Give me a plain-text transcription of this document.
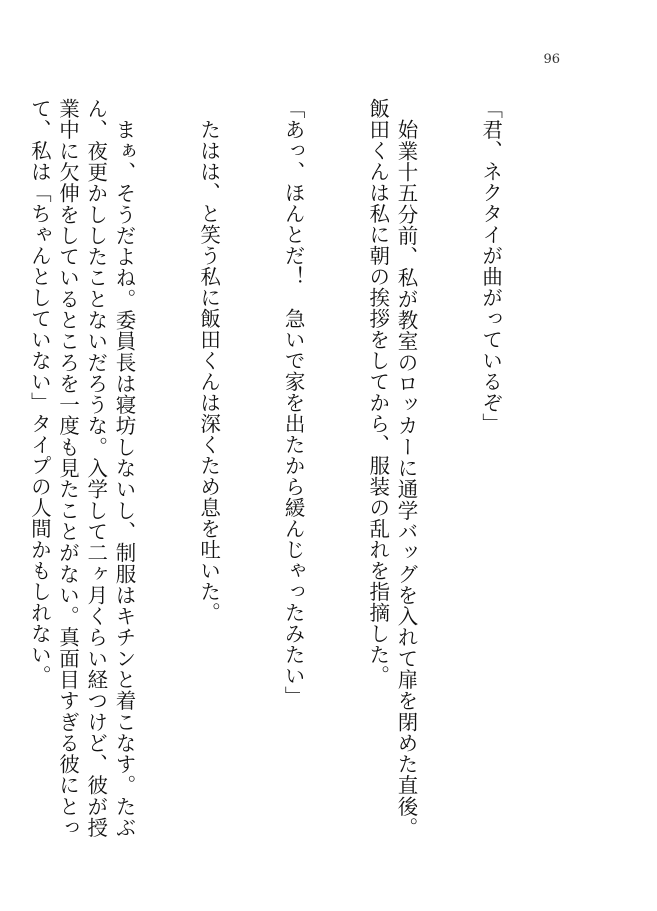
96

「君、ネクタイが曲がっているぞ」

　始業十五分前、私が教室のロッカーに通学バッグを入れて扉を閉めた直後。飯田くんは私に朝の挨拶をしてから、服装の乱れを指摘した。

「あっ、ほんとだ！　急いで家を出たから緩んじゃったみたい」

　たはは、と笑う私に飯田くんは深くため息を吐いた。

　まぁ、そうだよね。委員長は寝坊しないし、制服はキチンと着こなす。たぶん、夜更かししたことないだろうな。入学して二ヶ月くらい経つけど、彼が授業中に欠伸をしているところを一度も見たことがない。真面目すぎる彼にとって、私は「ちゃんとしていない」タイプの人間かもしれない。
